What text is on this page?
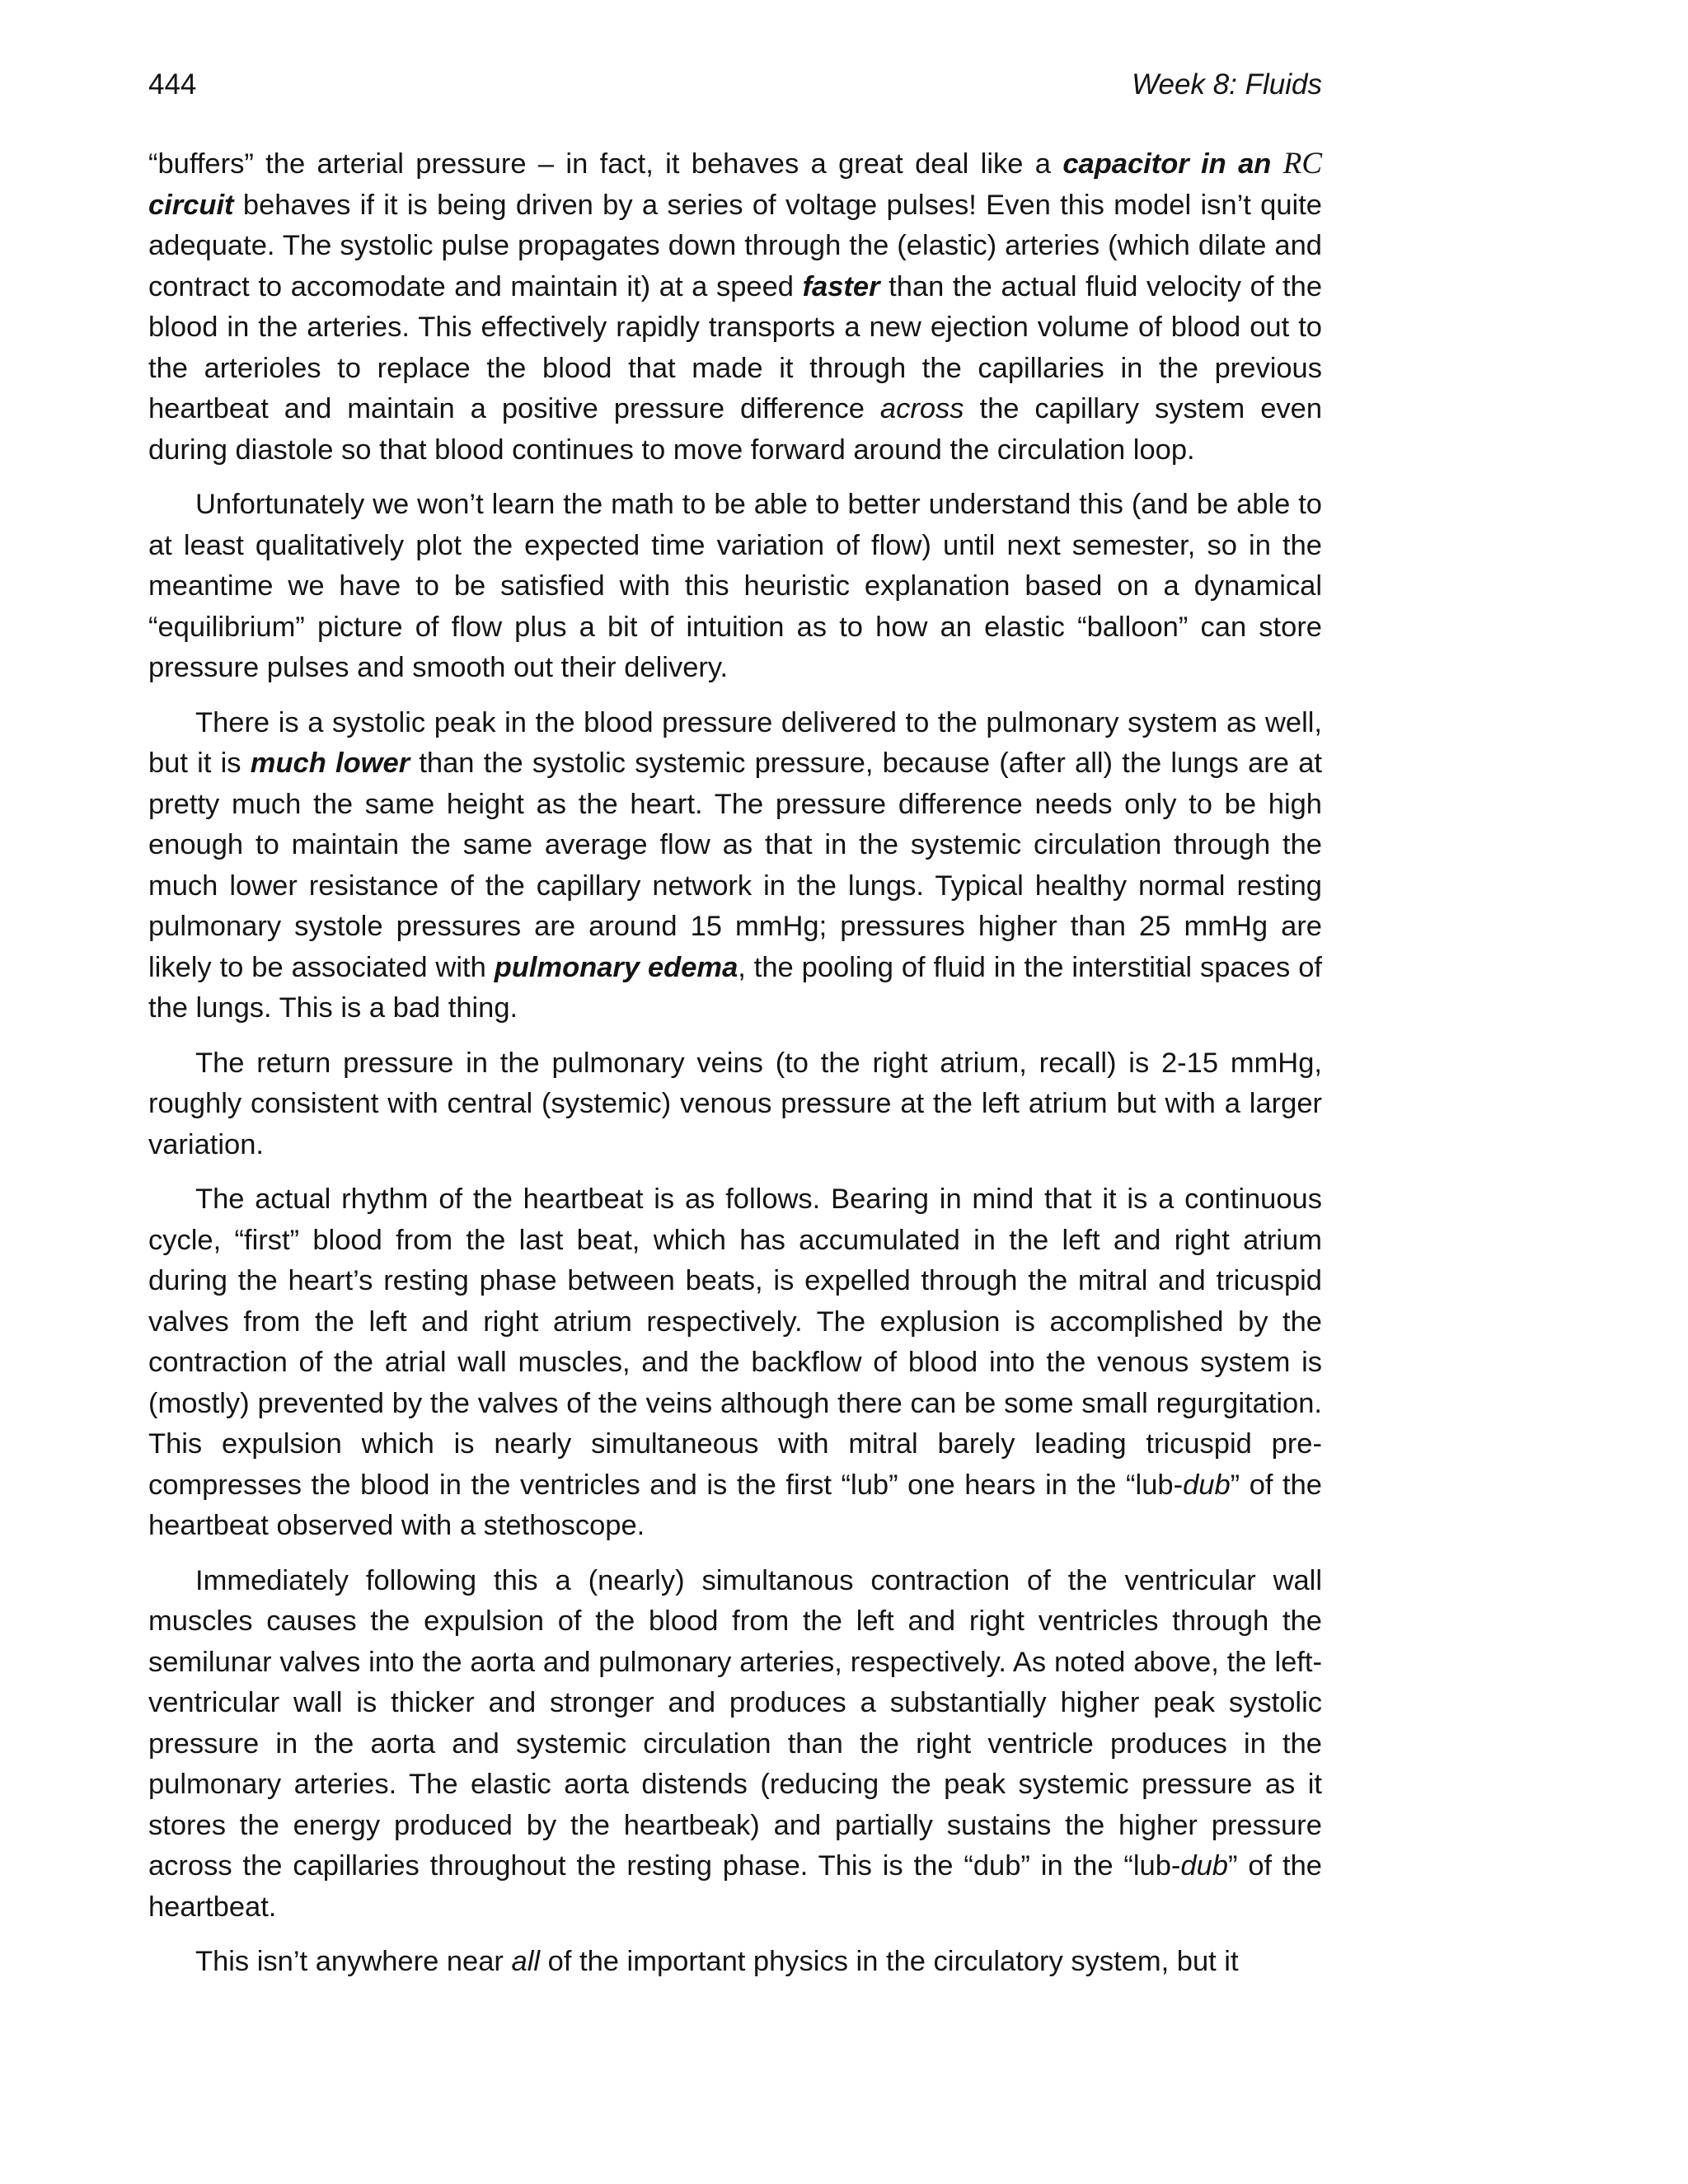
444	Week 8: Fluids

“buffers” the arterial pressure – in fact, it behaves a great deal like a capacitor in an RC circuit behaves if it is being driven by a series of voltage pulses! Even this model isn’t quite adequate. The systolic pulse propagates down through the (elastic) arteries (which dilate and contract to accomodate and maintain it) at a speed faster than the actual fluid velocity of the blood in the arteries. This effectively rapidly transports a new ejection volume of blood out to the arterioles to replace the blood that made it through the capillaries in the previous heartbeat and maintain a positive pressure difference across the capillary system even during diastole so that blood continues to move forward around the circulation loop.

Unfortunately we won’t learn the math to be able to better understand this (and be able to at least qualitatively plot the expected time variation of flow) until next semester, so in the meantime we have to be satisfied with this heuristic explanation based on a dynamical “equilibrium” picture of flow plus a bit of intuition as to how an elastic “balloon” can store pressure pulses and smooth out their delivery.

There is a systolic peak in the blood pressure delivered to the pulmonary system as well, but it is much lower than the systolic systemic pressure, because (after all) the lungs are at pretty much the same height as the heart. The pressure difference needs only to be high enough to maintain the same average flow as that in the systemic circulation through the much lower resistance of the capillary network in the lungs. Typical healthy normal resting pulmonary systole pressures are around 15 mmHg; pressures higher than 25 mmHg are likely to be associated with pulmonary edema, the pooling of fluid in the interstitial spaces of the lungs. This is a bad thing.

The return pressure in the pulmonary veins (to the right atrium, recall) is 2-15 mmHg, roughly consistent with central (systemic) venous pressure at the left atrium but with a larger variation.

The actual rhythm of the heartbeat is as follows. Bearing in mind that it is a continuous cycle, “first” blood from the last beat, which has accumulated in the left and right atrium during the heart’s resting phase between beats, is expelled through the mitral and tricuspid valves from the left and right atrium respectively. The explusion is accomplished by the contraction of the atrial wall muscles, and the backflow of blood into the venous system is (mostly) prevented by the valves of the veins although there can be some small regurgitation. This expulsion which is nearly simultaneous with mitral barely leading tricuspid pre-compresses the blood in the ventricles and is the first “lub” one hears in the “lub-dub” of the heartbeat observed with a stethoscope.

Immediately following this a (nearly) simultanous contraction of the ventricular wall muscles causes the expulsion of the blood from the left and right ventricles through the semilunar valves into the aorta and pulmonary arteries, respectively. As noted above, the left-ventricular wall is thicker and stronger and produces a substantially higher peak systolic pressure in the aorta and systemic circulation than the right ventricle produces in the pulmonary arteries. The elastic aorta distends (reducing the peak systemic pressure as it stores the energy produced by the heartbeak) and partially sustains the higher pressure across the capillaries throughout the resting phase. This is the “dub” in the “lub-dub” of the heartbeat.

This isn’t anywhere near all of the important physics in the circulatory system, but it
